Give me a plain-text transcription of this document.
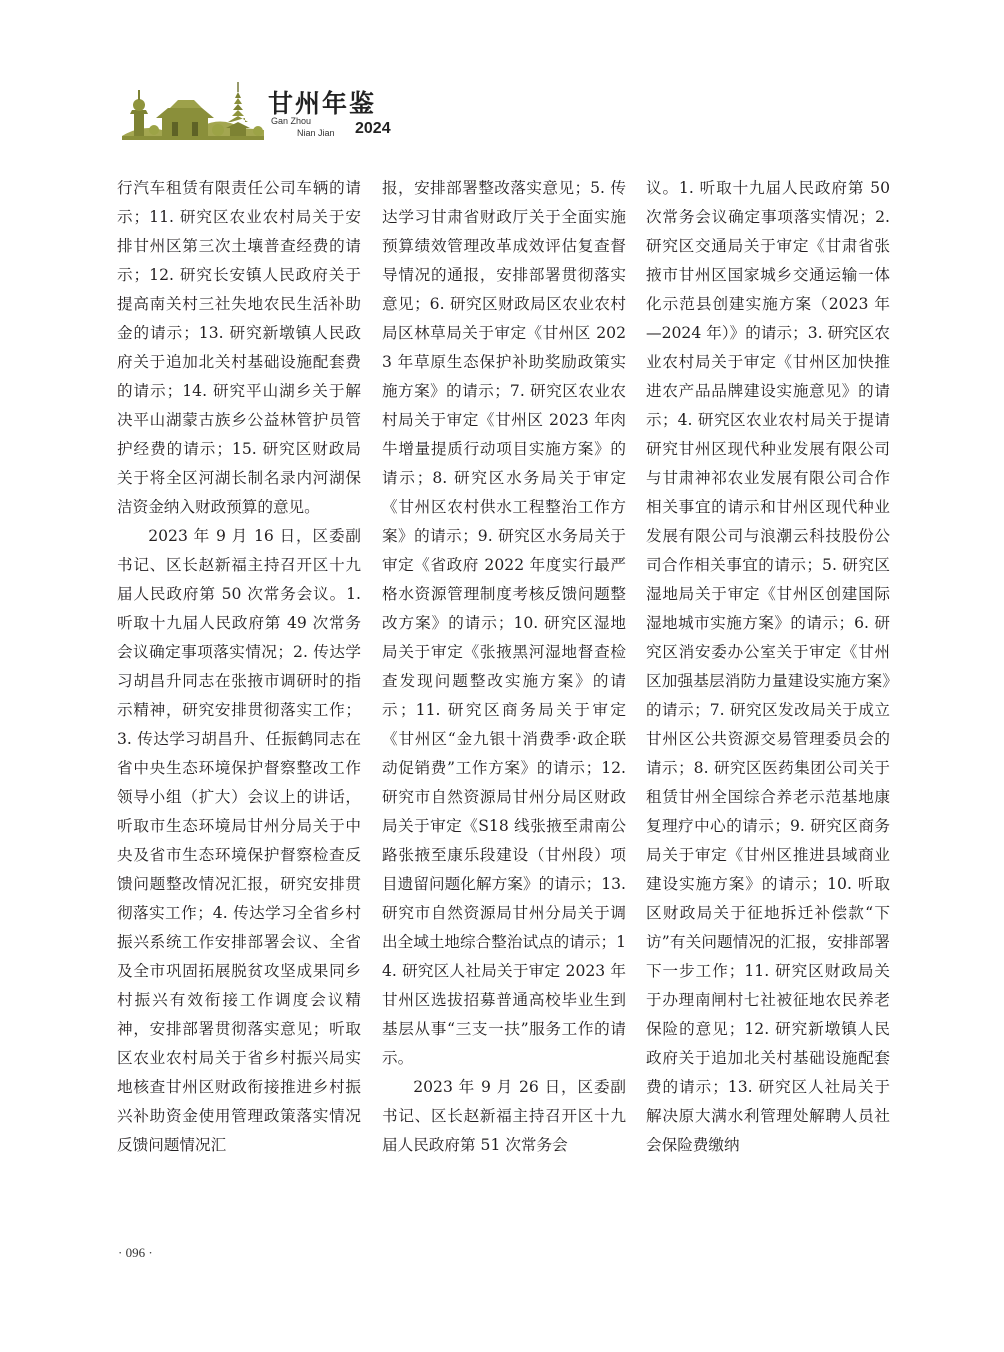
甘州年鉴
Gan Zhou
Nian Jian 2024

行汽车租赁有限责任公司车辆的请示；11. 研究区农业农村局关于安排甘州区第三次土壤普查经费的请示；12. 研究长安镇人民政府关于提高南关村三社失地农民生活补助金的请示；13. 研究新墩镇人民政府关于追加北关村基础设施配套费的请示；14. 研究平山湖乡关于解决平山湖蒙古族乡公益林管护员管护经费的请示；15. 研究区财政局关于将全区河湖长制名录内河湖保洁资金纳入财政预算的意见。

2023 年 9 月 16 日，区委副书记、区长赵新福主持召开区十九届人民政府第 50 次常务会议。1. 听取十九届人民政府第 49 次常务会议确定事项落实情况；2. 传达学习胡昌升同志在张掖市调研时的指示精神，研究安排贯彻落实工作；3. 传达学习胡昌升、任振鹤同志在省中央生态环境保护督察整改工作领导小组（扩大）会议上的讲话，听取市生态环境局甘州分局关于中央及省市生态环境保护督察检查反馈问题整改情况汇报，研究安排贯彻落实工作；4. 传达学习全省乡村振兴系统工作安排部署会议、全省及全市巩固拓展脱贫攻坚成果同乡村振兴有效衔接工作调度会议精神，安排部署贯彻落实意见；听取区农业农村局关于省乡村振兴局实地核查甘州区财政衔接推进乡村振兴补助资金使用管理政策落实情况反馈问题情况汇

报，安排部署整改落实意见；5. 传达学习甘肃省财政厅关于全面实施预算绩效管理改革成效评估复查督导情况的通报，安排部署贯彻落实意见；6. 研究区财政局区农业农村局区林草局关于审定《甘州区 2023 年草原生态保护补助奖励政策实施方案》的请示；7. 研究区农业农村局关于审定《甘州区 2023 年肉牛增量提质行动项目实施方案》的请示；8. 研究区水务局关于审定《甘州区农村供水工程整治工作方案》的请示；9. 研究区水务局关于审定《省政府 2022 年度实行最严格水资源管理制度考核反馈问题整改方案》的请示；10. 研究区湿地局关于审定《张掖黑河湿地督查检查发现问题整改实施方案》的请示；11. 研究区商务局关于审定《甘州区“金九银十消费季·政企联动促销费”工作方案》的请示；12. 研究市自然资源局甘州分局区财政局关于审定《S18 线张掖至肃南公路张掖至康乐段建设（甘州段）项目遗留问题化解方案》的请示；13. 研究市自然资源局甘州分局关于调出全域土地综合整治试点的请示；14. 研究区人社局关于审定 2023 年甘州区选拔招募普通高校毕业生到基层从事“三支一扶”服务工作的请示。

2023 年 9 月 26 日，区委副书记、区长赵新福主持召开区十九届人民政府第 51 次常务会

议。1. 听取十九届人民政府第 50 次常务会议确定事项落实情况；2. 研究区交通局关于审定《甘肃省张掖市甘州区国家城乡交通运输一体化示范县创建实施方案（2023 年—2024 年）》的请示；3. 研究区农业农村局关于审定《甘州区加快推进农产品品牌建设实施意见》的请示；4. 研究区农业农村局关于提请研究甘州区现代种业发展有限公司与甘肃神祁农业发展有限公司合作相关事宜的请示和甘州区现代种业发展有限公司与浪潮云科技股份公司合作相关事宜的请示；5. 研究区湿地局关于审定《甘州区创建国际湿地城市实施方案》的请示；6. 研究区消安委办公室关于审定《甘州区加强基层消防力量建设实施方案》的请示；7. 研究区发改局关于成立甘州区公共资源交易管理委员会的请示；8. 研究区医药集团公司关于租赁甘州全国综合养老示范基地康复理疗中心的请示；9. 研究区商务局关于审定《甘州区推进县域商业建设实施方案》的请示；10. 听取区财政局关于征地拆迁补偿款“下访”有关问题情况的汇报，安排部署下一步工作；11. 研究区财政局关于办理南闸村七社被征地农民养老保险的意见；12. 研究新墩镇人民政府关于追加北关村基础设施配套费的请示；13. 研究区人社局关于解决原大满水利管理处解聘人员社会保险费缴纳

· 096 ·
